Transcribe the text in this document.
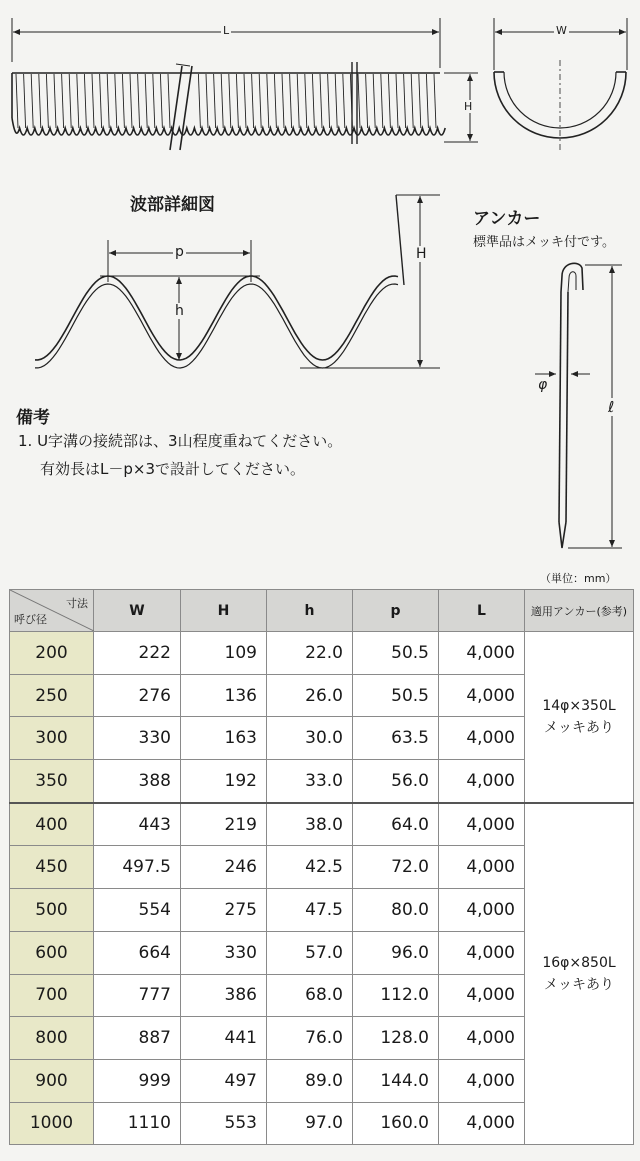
L	W
H
波部詳細図
p
h
H
アンカー
標準品はメッキ付です。
φ
ℓ
備考
1. U字溝の接続部は、3山程度重ねてください。
有効長はL－p×3で設計してください。
（単位：mm）
寸法
呼び径	W	H	h	p	L	適用アンカー(参考)
200	222	109	22.0	50.5	4,000	14φ×350L
メッキあり

250	276	136	26.0	50.5	4,000	
300	330	163	30.0	63.5	4,000	
350	388	192	33.0	56.0	4,000	
400	443	219	38.0	64.0	4,000	16φ×850L
メッキあり

450	497.5	246	42.5	72.0	4,000	
500	554	275	47.5	80.0	4,000	
600	664	330	57.0	96.0	4,000	
700	777	386	68.0	112.0	4,000	
800	887	441	76.0	128.0	4,000	
900	999	497	89.0	144.0	4,000	
1000	1110	553	97.0	160.0	4,000	
